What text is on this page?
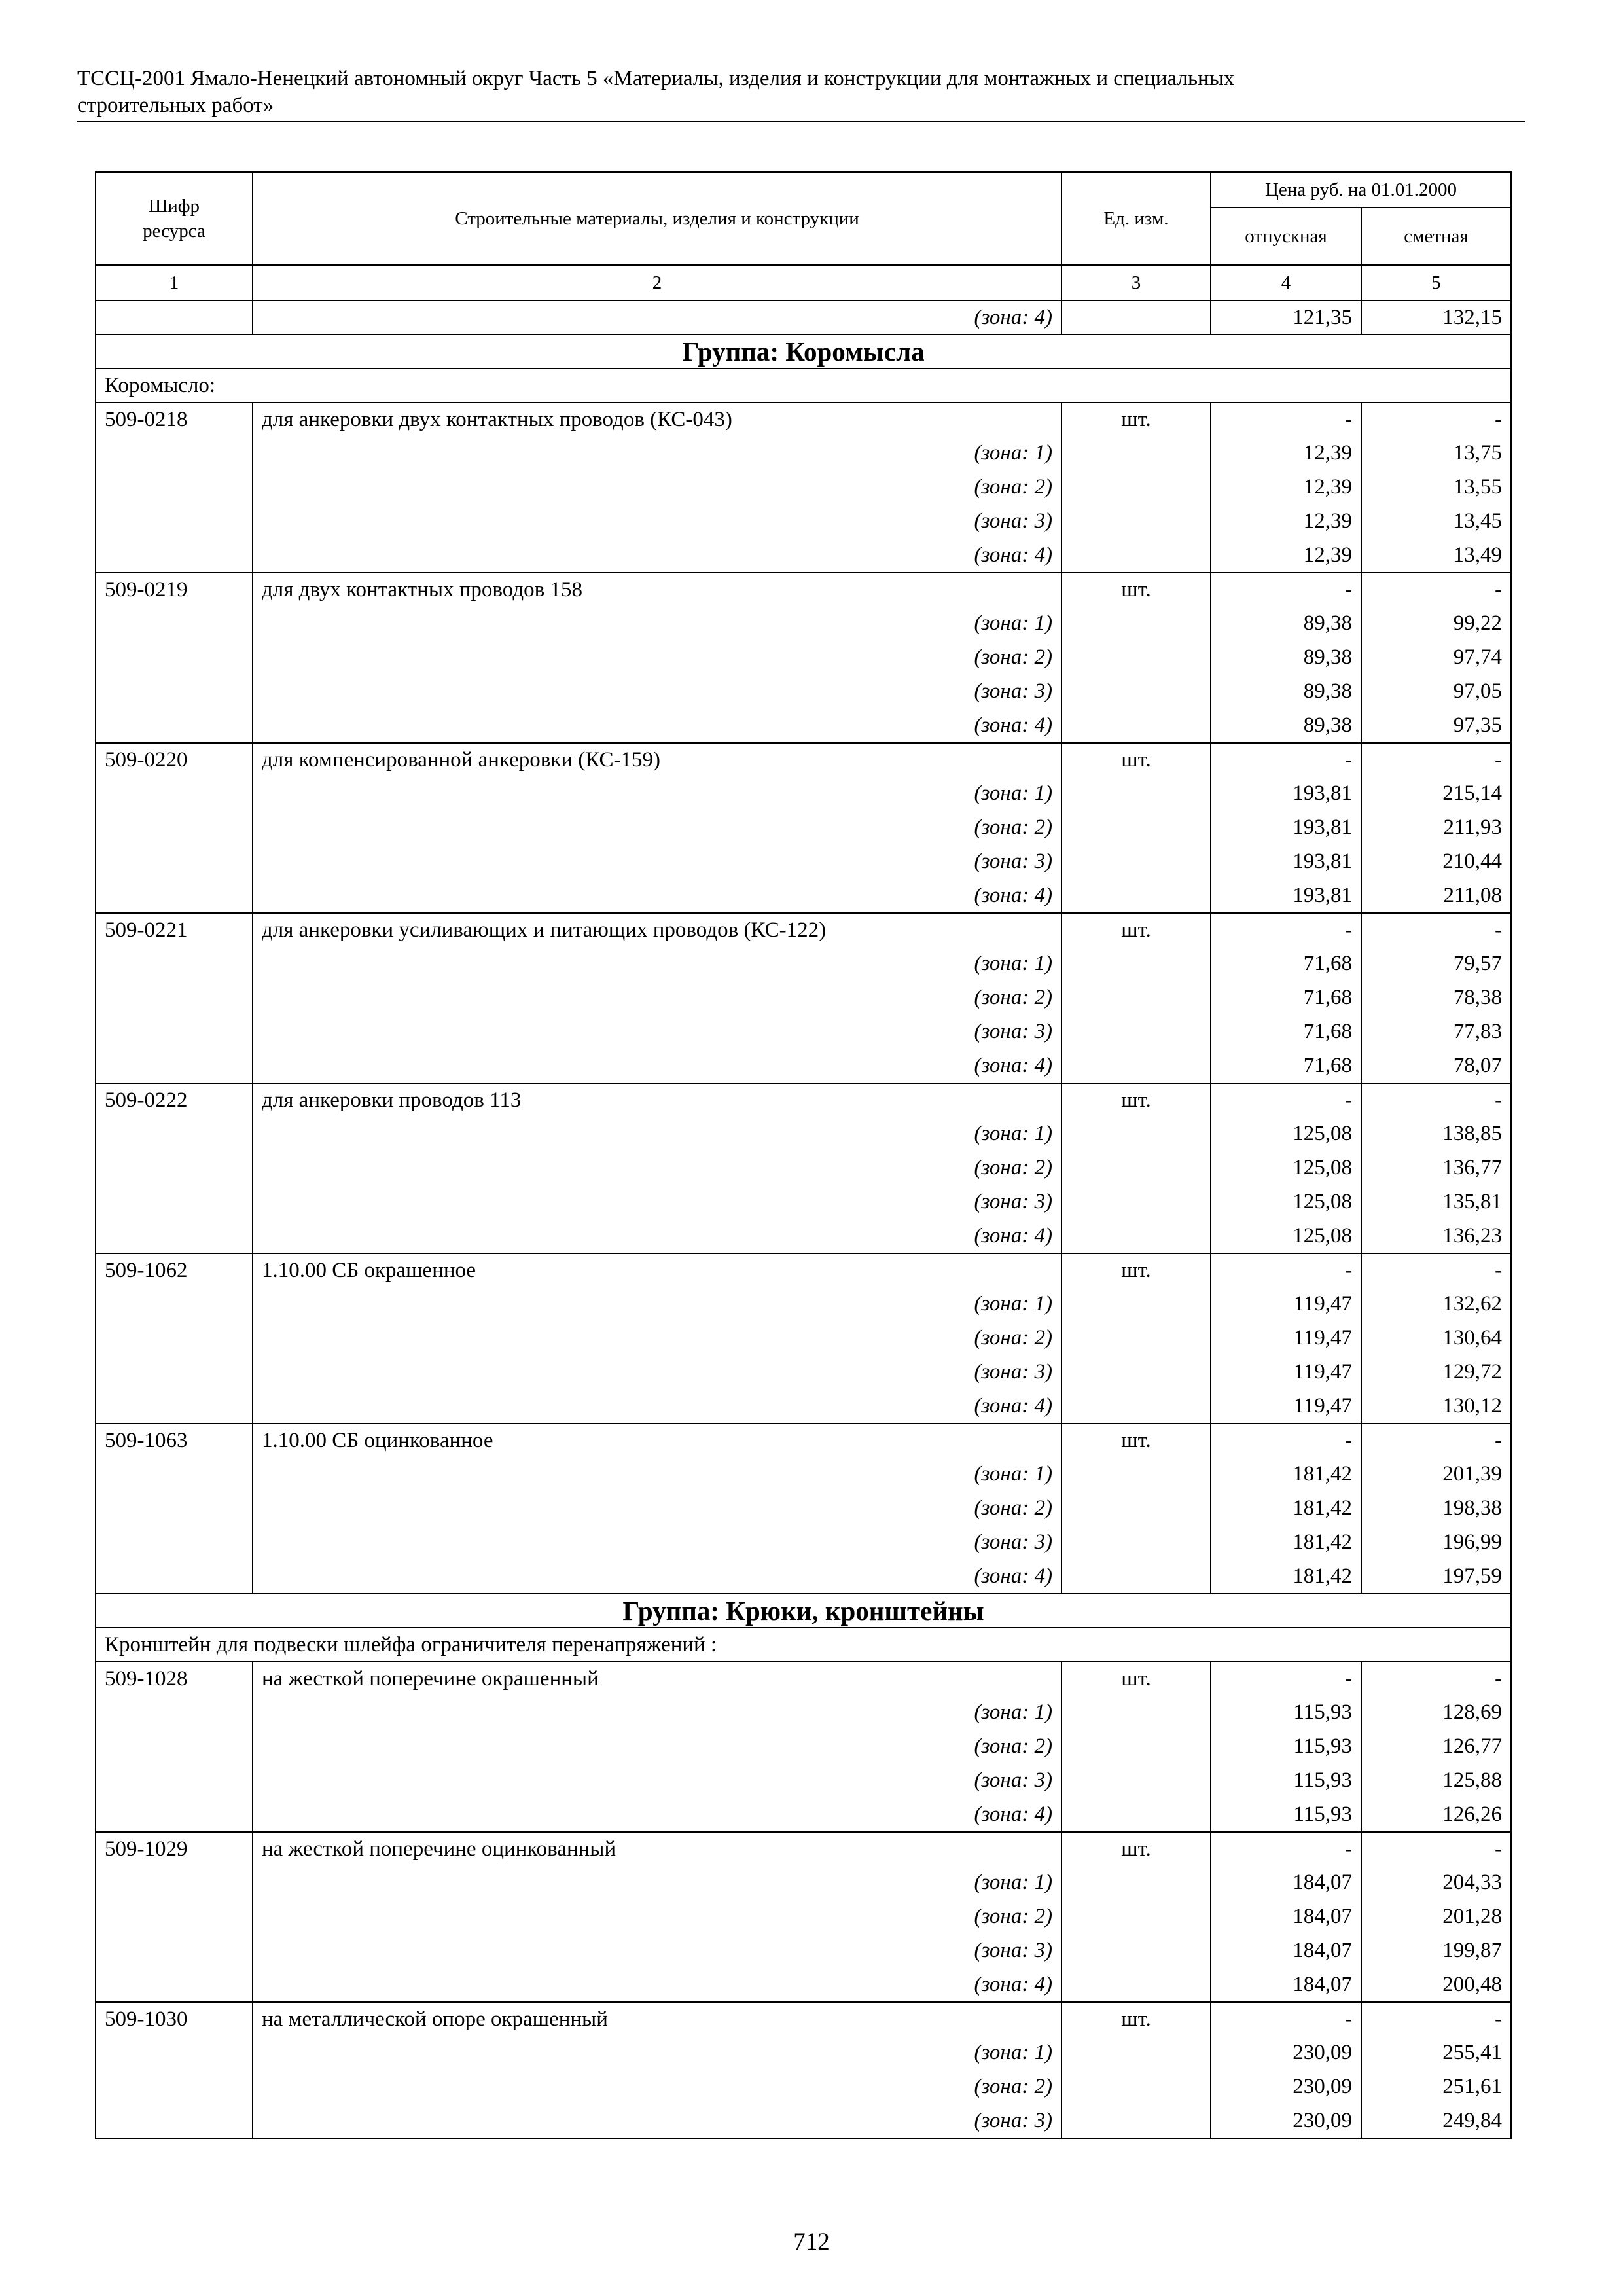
ТССЦ-2001 Ямало-Ненецкий автономный округ Часть 5 «Материалы, изделия и конструкции для монтажных и специальных
строительных работ»
Шифр ресурса	Строительные материалы, изделия и конструкции	Ед. изм.	Цена руб. на 01.01.2000	
			отпускная	сметная
1	2	3	4	5
	(зона: 4)		121,35	132,15
Группа: Коромысла				
Коромысло:				
509-0218	для анкеровки двух контактных проводов (КС-043)	шт.	-	-
	(зона: 1)		12,39	13,75
	(зона: 2)		12,39	13,55
	(зона: 3)		12,39	13,45
	(зона: 4)		12,39	13,49
509-0219	для двух контактных проводов 158	шт.	-	-
	(зона: 1)		89,38	99,22
	(зона: 2)		89,38	97,74
	(зона: 3)		89,38	97,05
	(зона: 4)		89,38	97,35
509-0220	для компенсированной анкеровки (КС-159)	шт.	-	-
	(зона: 1)		193,81	215,14
	(зона: 2)		193,81	211,93
	(зона: 3)		193,81	210,44
	(зона: 4)		193,81	211,08
509-0221	для анкеровки усиливающих и питающих проводов (КС-122)	шт.	-	-
	(зона: 1)		71,68	79,57
	(зона: 2)		71,68	78,38
	(зона: 3)		71,68	77,83
	(зона: 4)		71,68	78,07
509-0222	для анкеровки проводов 113	шт.	-	-
	(зона: 1)		125,08	138,85
	(зона: 2)		125,08	136,77
	(зона: 3)		125,08	135,81
	(зона: 4)		125,08	136,23
509-1062	1.10.00 СБ окрашенное	шт.	-	-
	(зона: 1)		119,47	132,62
	(зона: 2)		119,47	130,64
	(зона: 3)		119,47	129,72
	(зона: 4)		119,47	130,12
509-1063	1.10.00 СБ оцинкованное	шт.	-	-
	(зона: 1)		181,42	201,39
	(зона: 2)		181,42	198,38
	(зона: 3)		181,42	196,99
	(зона: 4)		181,42	197,59
Группа: Крюки, кронштейны				
Кронштейн для подвески шлейфа ограничителя перенапряжений :				
509-1028	на жесткой поперечине окрашенный	шт.	-	-
	(зона: 1)		115,93	128,69
	(зона: 2)		115,93	126,77
	(зона: 3)		115,93	125,88
	(зона: 4)		115,93	126,26
509-1029	на жесткой поперечине оцинкованный	шт.	-	-
	(зона: 1)		184,07	204,33
	(зона: 2)		184,07	201,28
	(зона: 3)		184,07	199,87
	(зона: 4)		184,07	200,48
509-1030	на металлической опоре окрашенный	шт.	-	-
	(зона: 1)		230,09	255,41
	(зона: 2)		230,09	251,61
	(зона: 3)		230,09	249,84
712
